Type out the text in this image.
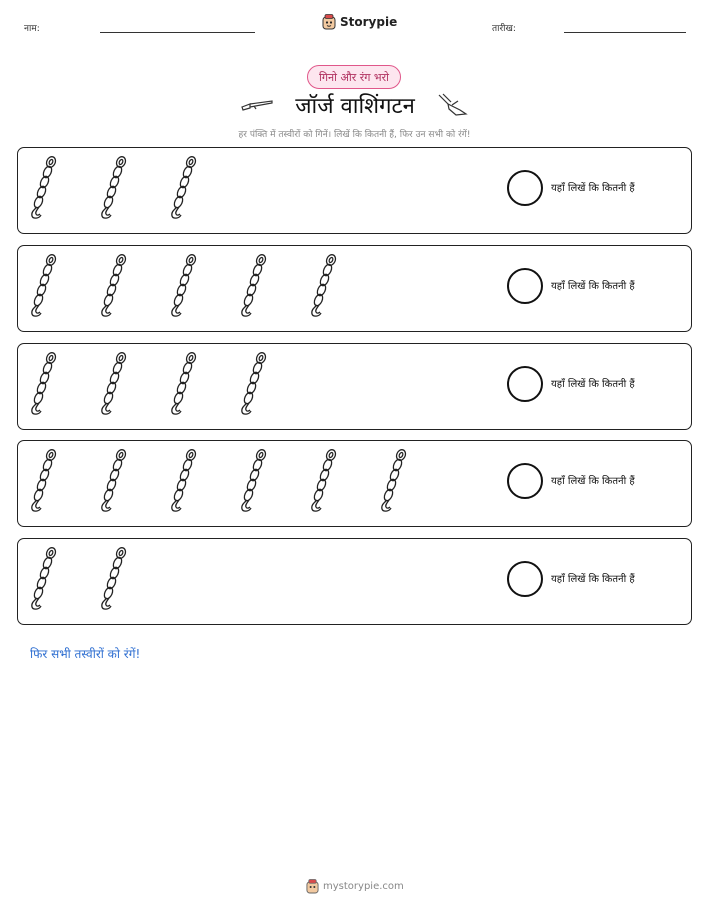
नाम:	Storypie	तारीख:
गिनो और रंग भरो
जॉर्ज वाशिंगटन
हर पंक्ति में तस्वीरों को गिनें। लिखें कि कितनी हैं, फिर उन सभी को रंगें!
यहाँ लिखें कि कितनी हैं
यहाँ लिखें कि कितनी हैं
यहाँ लिखें कि कितनी हैं
यहाँ लिखें कि कितनी हैं
यहाँ लिखें कि कितनी हैं
फिर सभी तस्वीरों को रंगें!
mystorypie.com
